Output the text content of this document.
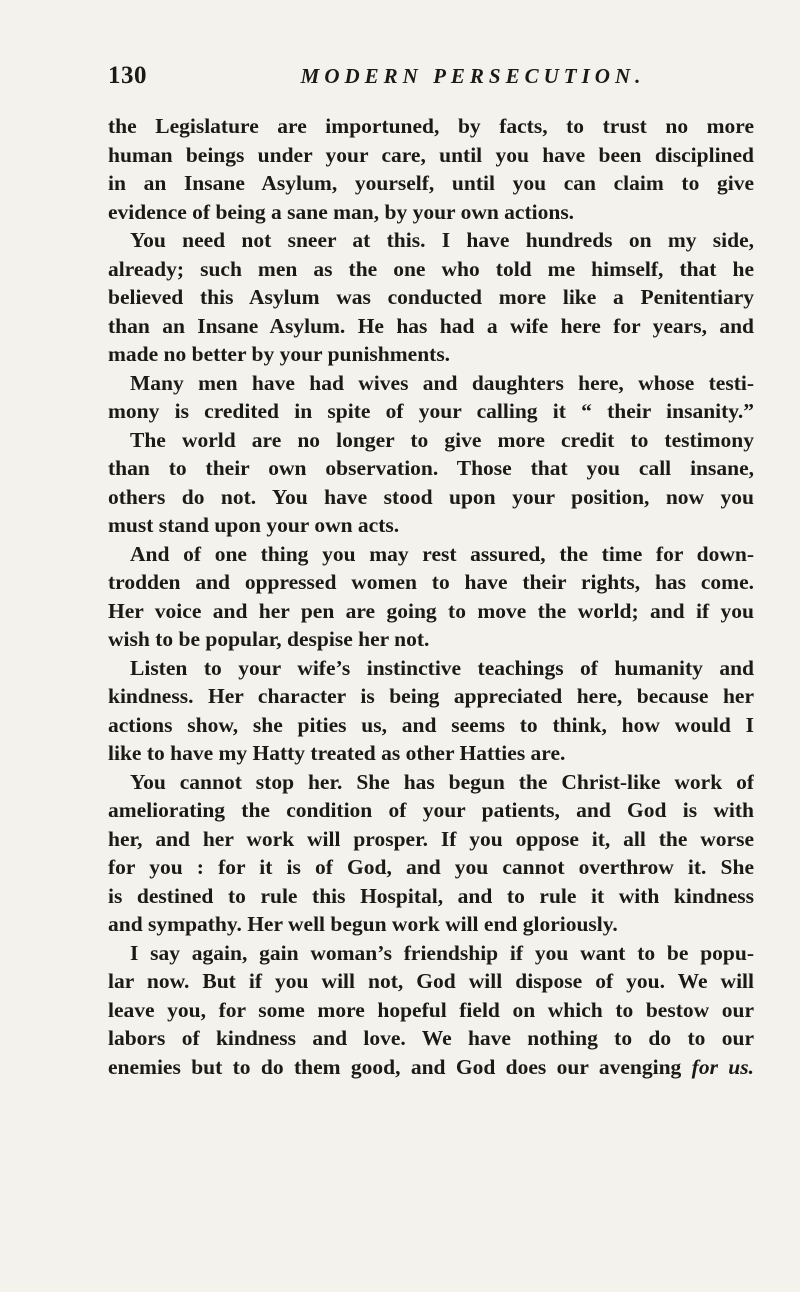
130	MODERN PERSECUTION.
the Legislature are importuned, by facts, to trust no more
human beings under your care, until you have been disciplined
in an Insane Asylum, yourself, until you can claim to give
evidence of being a sane man, by your own actions.
You need not sneer at this. I have hundreds on my side,
already; such men as the one who told me himself, that he
believed this Asylum was conducted more like a Penitentiary
than an Insane Asylum. He has had a wife here for years, and
made no better by your punishments.
Many men have had wives and daughters here, whose testi-
mony is credited in spite of your calling it “ their insanity.”
The world are no longer to give more credit to testimony
than to their own observation. Those that you call insane,
others do not. You have stood upon your position, now you
must stand upon your own acts.
And of one thing you may rest assured, the time for down-
trodden and oppressed women to have their rights, has come.
Her voice and her pen are going to move the world; and if you
wish to be popular, despise her not.
Listen to your wife’s instinctive teachings of humanity and
kindness. Her character is being appreciated here, because her
actions show, she pities us, and seems to think, how would I
like to have my Hatty treated as other Hatties are.
You cannot stop her. She has begun the Christ-like work of
ameliorating the condition of your patients, and God is with
her, and her work will prosper. If you oppose it, all the worse
for you : for it is of God, and you cannot overthrow it. She
is destined to rule this Hospital, and to rule it with kindness
and sympathy. Her well begun work will end gloriously.
I say again, gain woman’s friendship if you want to be popu-
lar now. But if you will not, God will dispose of you. We will
leave you, for some more hopeful field on which to bestow our
labors of kindness and love. We have nothing to do to our
enemies but to do them good, and God does our avenging for us.
